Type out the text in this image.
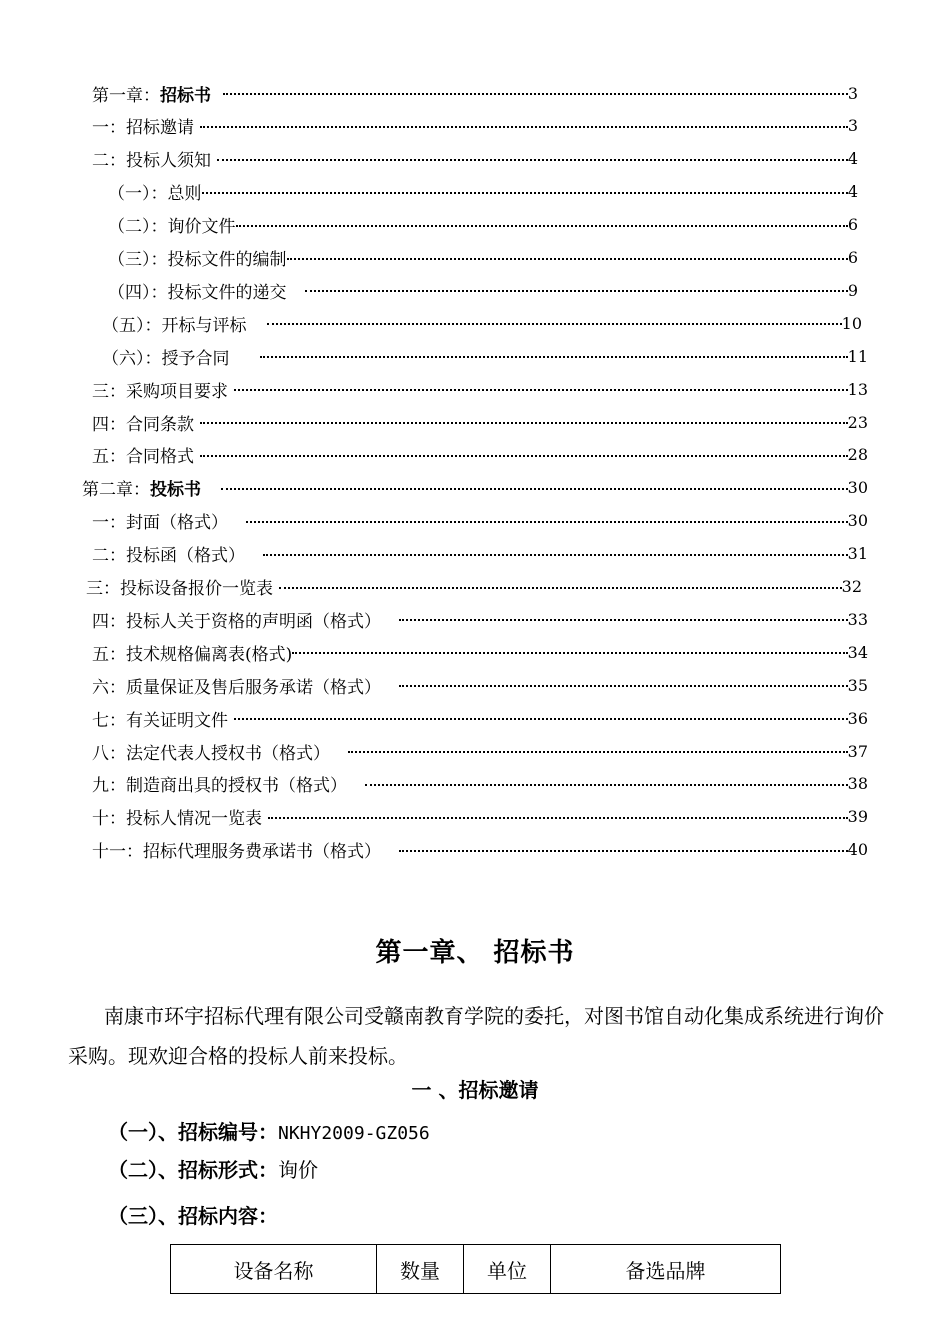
第一章：招标书	3
一：招标邀请	3
二：投标人须知	4
（一）：总则	4
（二）：询价文件	6
（三）：投标文件的编制	6
（四）：投标文件的递交	9
（五）：开标与评标	10
（六）：授予合同	11
三：采购项目要求	13
四：合同条款	23
五：合同格式	28
第二章：投标书	30
一：封面（格式）	30
二：投标函（格式）	31
三：投标设备报价一览表	32
四：投标人关于资格的声明函（格式）	33
五：技术规格偏离表(格式)	34
六：质量保证及售后服务承诺（格式）	35
七：有关证明文件	36
八：法定代表人授权书（格式）	37
九：制造商出具的授权书（格式）	38
十：投标人情况一览表	39
十一：招标代理服务费承诺书（格式）	40
第一章、 招标书

南康市环宇招标代理有限公司受赣南教育学院的委托，对图书馆自动化集成系统进行询价采购。现欢迎合格的投标人前来投标。

一 、招标邀请
（一）、招标编号：NKHY2009-GZ056
（二）、招标形式：询价
（三）、招标内容：
设备名称	数量	单位	备选品牌
